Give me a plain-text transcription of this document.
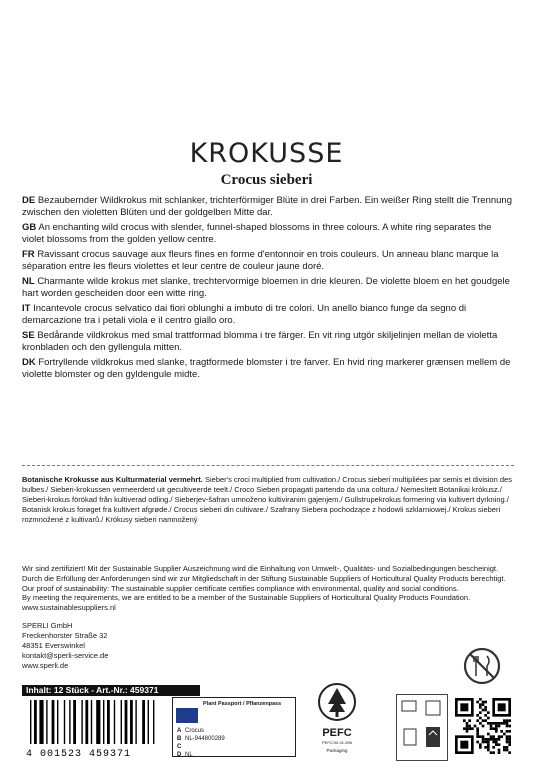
KROKUSSE
Crocus sieberi

DE Bezaubernder Wildkrokus mit schlanker, trichterförmiger Blüte in drei Farben. Ein weißer Ring stellt die Trennung zwischen den violetten Blüten und der goldgelben Mitte dar.

GB An enchanting wild crocus with slender, funnel-shaped blossoms in three colours. A white ring separates the violet blossoms from the golden yellow centre.

FR Ravissant crocus sauvage aux fleurs fines en forme d'entonnoir en trois couleurs. Un anneau blanc marque la séparation entre les fleurs violettes et leur centre de couleur jaune doré.

NL Charmante wilde krokus met slanke, trechtervormige bloemen in drie kleuren. De violette bloem en het goudgele hart worden gescheiden door een witte ring.

IT Incantevole crocus selvatico dai fiori oblunghi a imbuto di tre colori. Un anello bianco funge da segno di demarcazione tra i petali viola e il centro giallo oro.

SE Bedårande vildkrokus med smal trattformad blomma i tre färger. En vit ring utgör skiljelinjen mellan de violetta kronbladen och den gyllengula mitten.

DK Fortryllende vildkrokus med slanke, tragtformede blomster i tre farver. En hvid ring markerer grænsen mellem de violette blomster og den gyldengule midte.

Botanische Krokusse aus Kulturmaterial vermehrt. Sieber's croci multiplied from cultivation./ Crocus sieberi multipliées par semis et division des bulbes./ Sieberi-krokussen vermeerderd uit gecultiveerde teelt./ Croco Sieberi propagati partendo da una coltura./ Nemesített Botanikai krókusz./ Sieberi-krokus förökad från kultiverad odling./ Sieberjev-šafran umnoženo kultiviranim gajenjem./ Gullstrupekrokus formering via kultivert dyrkning./ Botanisk krokus forøget fra kultivert afgrøde./ Crocus sieberi din cultivare./ Szafrany Siebera pochodzące z hodowli szklarniowej./ Krokus sieberi rozmnožené z kultivarů./ Krókusy sieberi namnožený
Wir sind zertifiziert! Mit der Sustainable Supplier Auszeichnung wird die Einhaltung von Umwelt-, Qualitäts- und Sozialbedingungen bescheinigt.
Durch die Erfüllung der Anforderungen sind wir zur Mitgliedschaft in der Stiftung Sustainable Suppliers of Horticultural Quality Products berechtigt.
Our proof of sustainability: The sustainable supplier certificate certifies compliance with environmental, quality and social conditions.
By meeting the requirements, we are entitled to be a member of the Sustainable Suppliers of Horticultural Quality Products Foundation.
www.sustainablesuppliers.nl
SPERLI GmbH
Freckenhorster Straße 32
48351 Everswinkel
kontakt@sperli-service.de
www.sperli.de
Inhalt: 12 Stück - Art.-Nr.: 459371
4 001523 459371
Plant Passport / Pflanzenpass
A Crocus
B NL-944800289
C
D NL
PEFC
PEFC/30-31-596
Packaging
